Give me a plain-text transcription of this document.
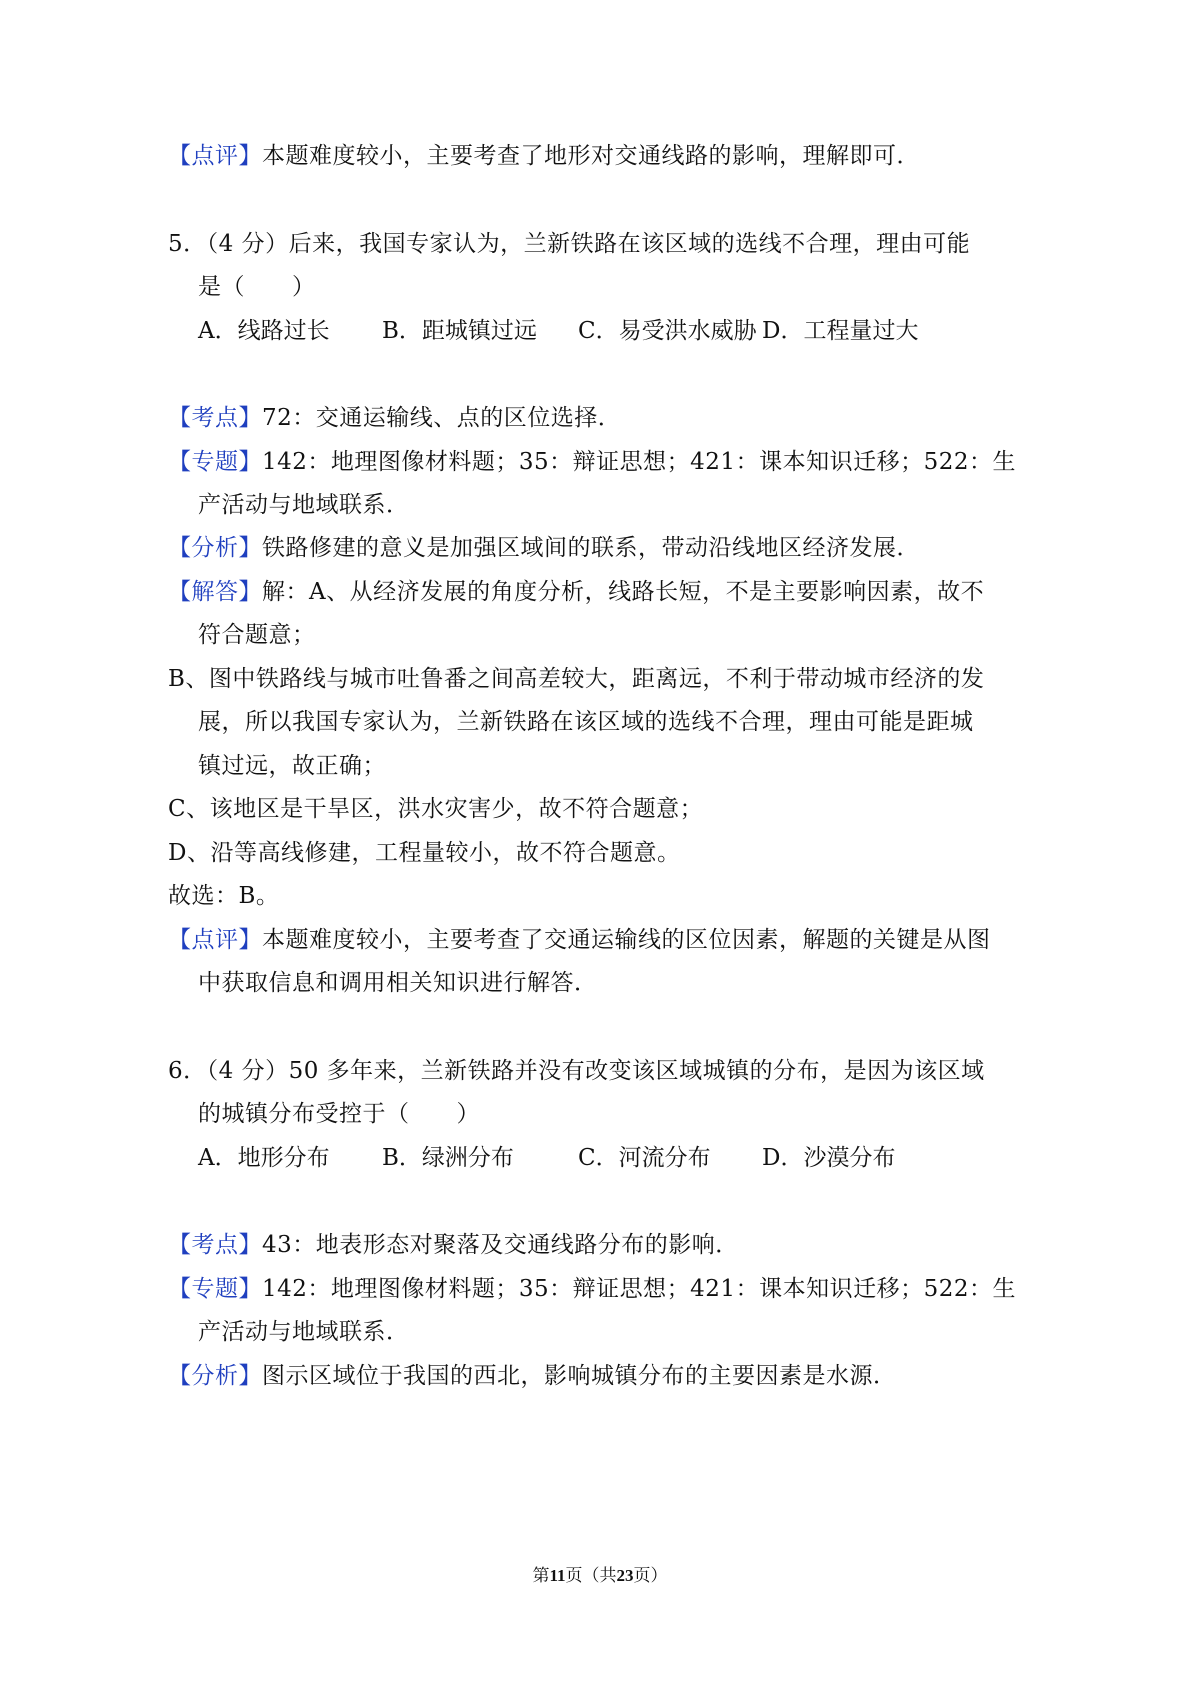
【点评】本题难度较小，主要考查了地形对交通线路的影响，理解即可．
5．（4 分）后来，我国专家认为，兰新铁路在该区域的选线不合理，理由可能
是（　　）
A．线路过长 B．距城镇过远 C．易受洪水威胁 D．工程量过大
【考点】72：交通运输线、点的区位选择．
【专题】142：地理图像材料题；35：辩证思想；421：课本知识迁移；522：生
产活动与地域联系．
【分析】铁路修建的意义是加强区域间的联系，带动沿线地区经济发展．
【解答】解：A、从经济发展的角度分析，线路长短，不是主要影响因素，故不
符合题意；
B、图中铁路线与城市吐鲁番之间高差较大，距离远，不利于带动城市经济的发
展，所以我国专家认为，兰新铁路在该区域的选线不合理，理由可能是距城
镇过远，故正确；
C、该地区是干旱区，洪水灾害少，故不符合题意；
D、沿等高线修建，工程量较小，故不符合题意。
故选：B。
【点评】本题难度较小，主要考查了交通运输线的区位因素，解题的关键是从图
中获取信息和调用相关知识进行解答．
6．（4 分）50 多年来，兰新铁路并没有改变该区域城镇的分布，是因为该区域
的城镇分布受控于（　　）
A．地形分布 B．绿洲分布	C．河流分布 D．沙漠分布
【考点】43：地表形态对聚落及交通线路分布的影响．
【专题】142：地理图像材料题；35：辩证思想；421：课本知识迁移；522：生
产活动与地域联系．
【分析】图示区域位于我国的西北，影响城镇分布的主要因素是水源．
第11页（共23页）
